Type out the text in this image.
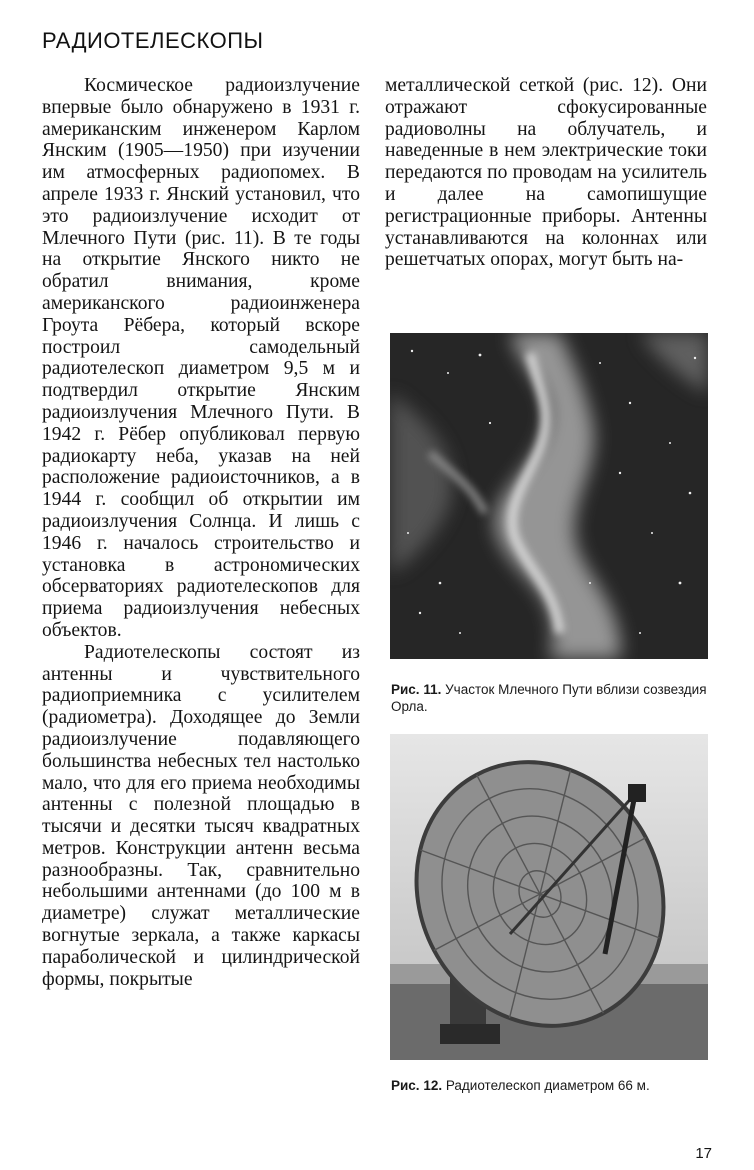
РАДИОТЕЛЕСКОПЫ

Космическое радиоизлучение впервые было обнаружено в 1931 г. американским инженером Карлом Янским (1905—1950) при изучении им атмосферных радиопомех. В апреле 1933 г. Янский установил, что это радиоизлучение исходит от Млечного Пути (рис. 11). В те годы на открытие Янского никто не обратил внимания, кроме американского радиоинженера Гроута Рёбера, который вскоре построил самодельный радиотелескоп диаметром 9,5 м и подтвердил открытие Янским радиоизлучения Млечного Пути. В 1942 г. Рёбер опубликовал первую радиокарту неба, указав на ней расположение радиоисточников, а в 1944 г. сообщил об открытии им радиоизлучения Солнца. И лишь с 1946 г. началось строительство и установка в астрономических обсерваториях радиотелескопов для приема радиоизлучения небесных объектов.

Радиотелескопы состоят из антенны и чувствительного радиоприемника с усилителем (радиометра). Доходящее до Земли радиоизлучение подавляющего большинства небесных тел настолько мало, что для его приема необходимы антенны с полезной площадью в тысячи и десятки тысяч квадратных метров. Конструкции антенн весьма разнообразны. Так, сравнительно небольшими антеннами (до 100 м в диаметре) служат металлические вогнутые зеркала, а также каркасы параболической и цилиндрической формы, покрытые

металлической сеткой (рис. 12). Они отражают сфокусированные радиоволны на облучатель, и наведенные в нем электрические токи передаются по проводам на усилитель и далее на самопишущие регистрационные приборы. Антенны устанавливаются на колоннах или решетчатых опорах, могут быть на-

Рис. 11. Участок Млечного Пути вблизи созвездия Орла.
Рис. 12. Радиотелескоп диаметром 66 м.
17
